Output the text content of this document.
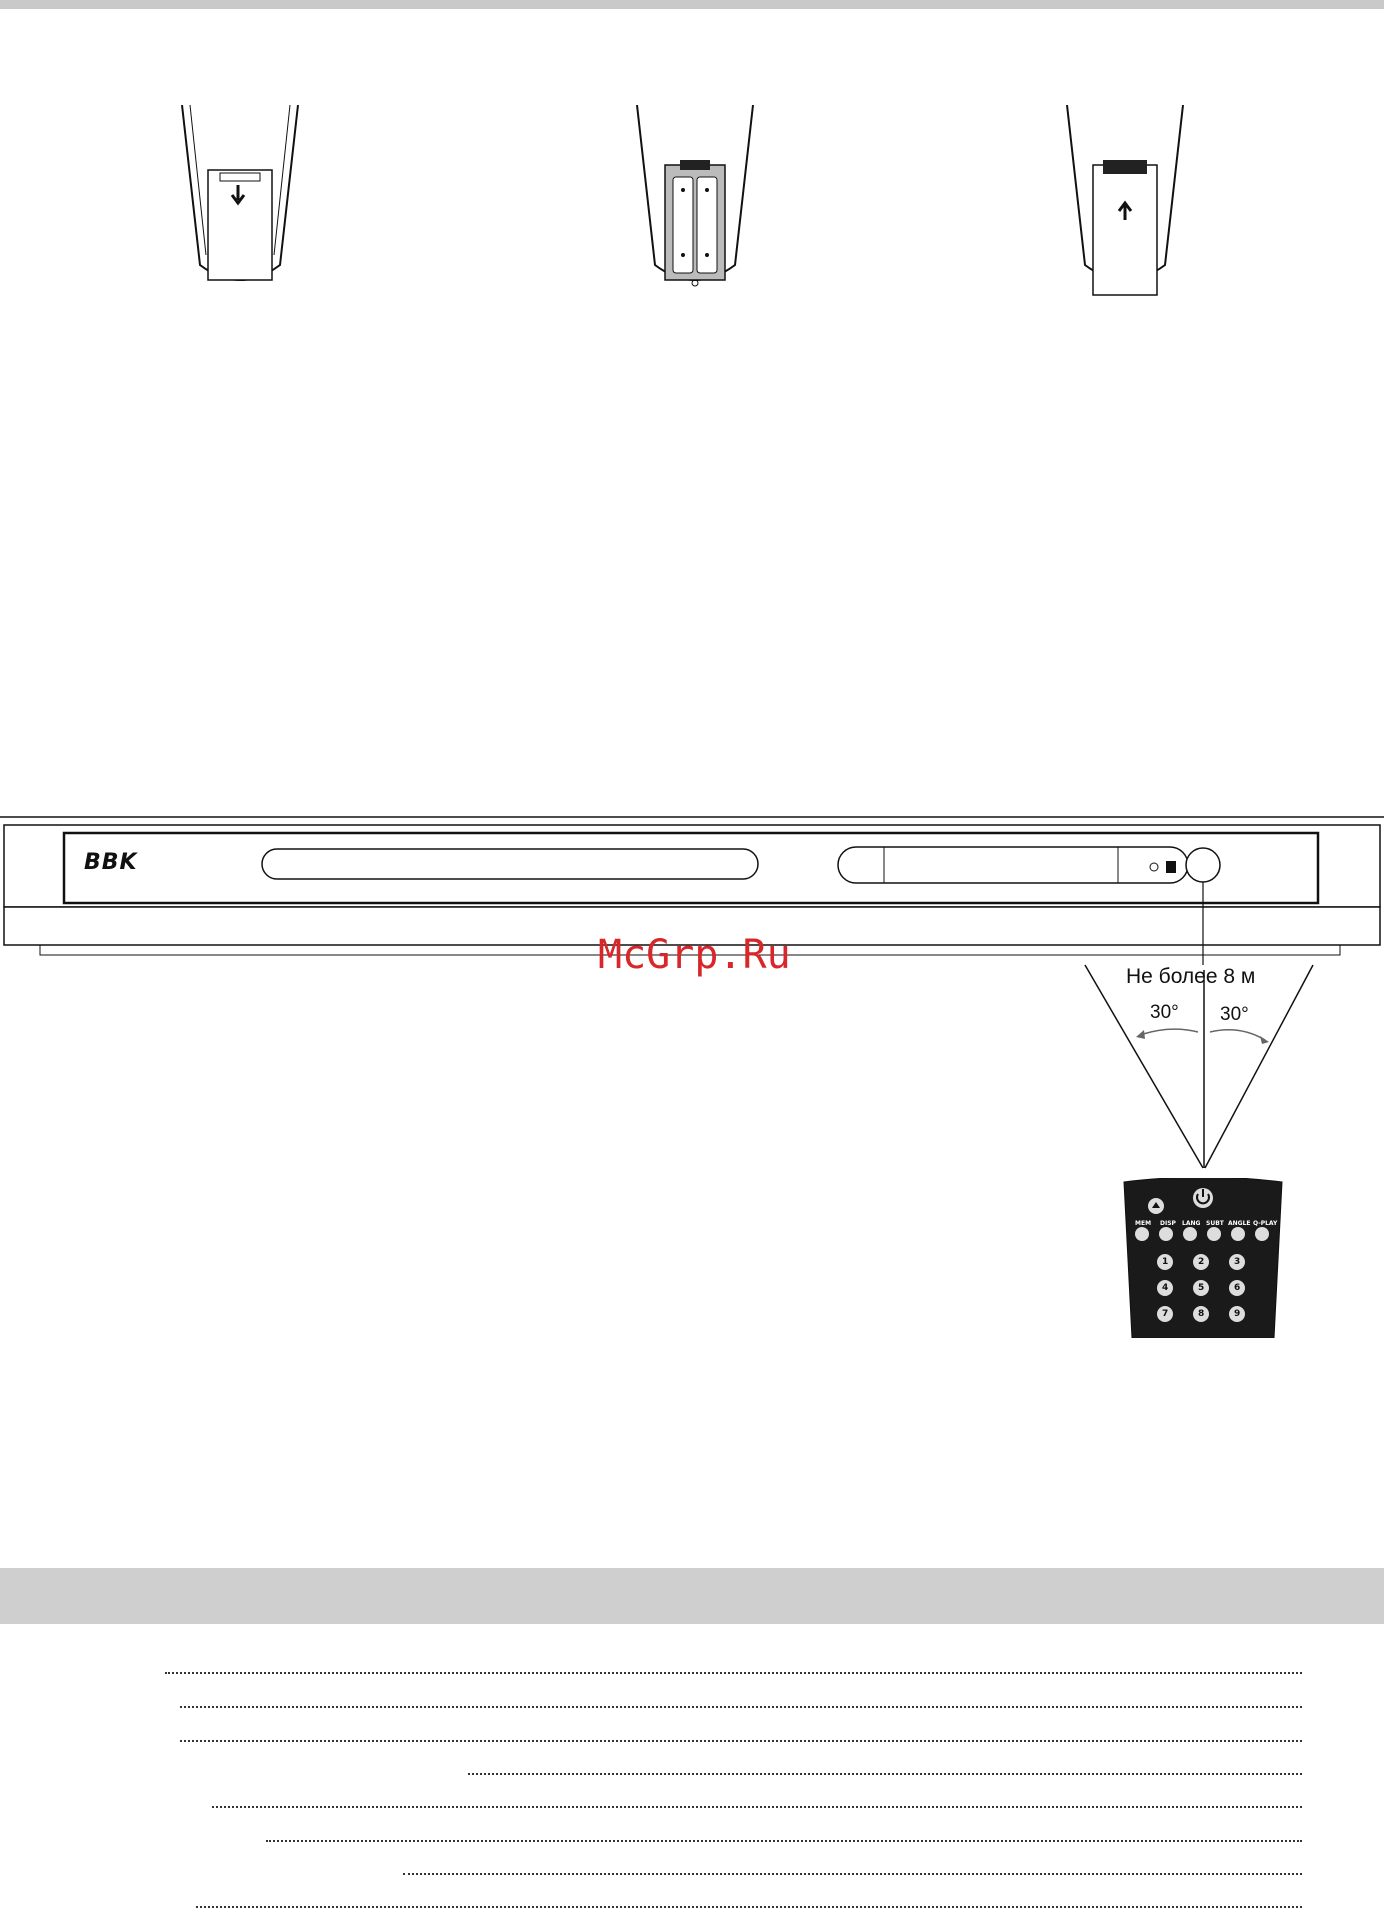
BBK
McGrp.Ru	Не более 8 м
30° 30°
MEM DISP LANG SUBT ANGLE Q-PLAY
1	2	3
4	5	6
7	8	9
